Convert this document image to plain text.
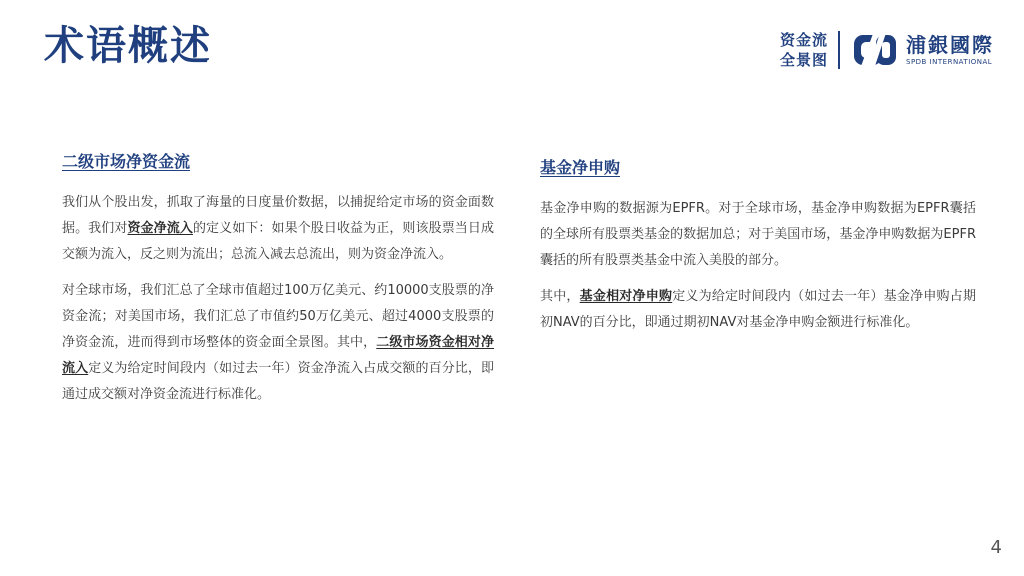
术语概述	资金流
全景图
浦銀國際
SPDB INTERNATIONAL
二级市场净资金流

我们从个股出发，抓取了海量的日度量价数据，以捕捉给定市场的资金面数据。我们对资金净流入的定义如下：如果个股日收益为正，则该股票当日成交额为流入，反之则为流出；总流入减去总流出，则为资金净流入。

对全球市场，我们汇总了全球市值超过100万亿美元、约10000支股票的净资金流；对美国市场，我们汇总了市值约50万亿美元、超过4000支股票的净资金流，进而得到市场整体的资金面全景图。其中，二级市场资金相对净流入定义为给定时间段内（如过去一年）资金净流入占成交额的百分比，即通过成交额对净资金流进行标准化。

基金净申购

基金净申购的数据源为EPFR。对于全球市场，基金净申购数据为EPFR囊括的全球所有股票类基金的数据加总；对于美国市场，基金净申购数据为EPFR囊括的所有股票类基金中流入美股的部分。

其中，基金相对净申购定义为给定时间段内（如过去一年）基金净申购占期初NAV的百分比，即通过期初NAV对基金净申购金额进行标准化。

4
